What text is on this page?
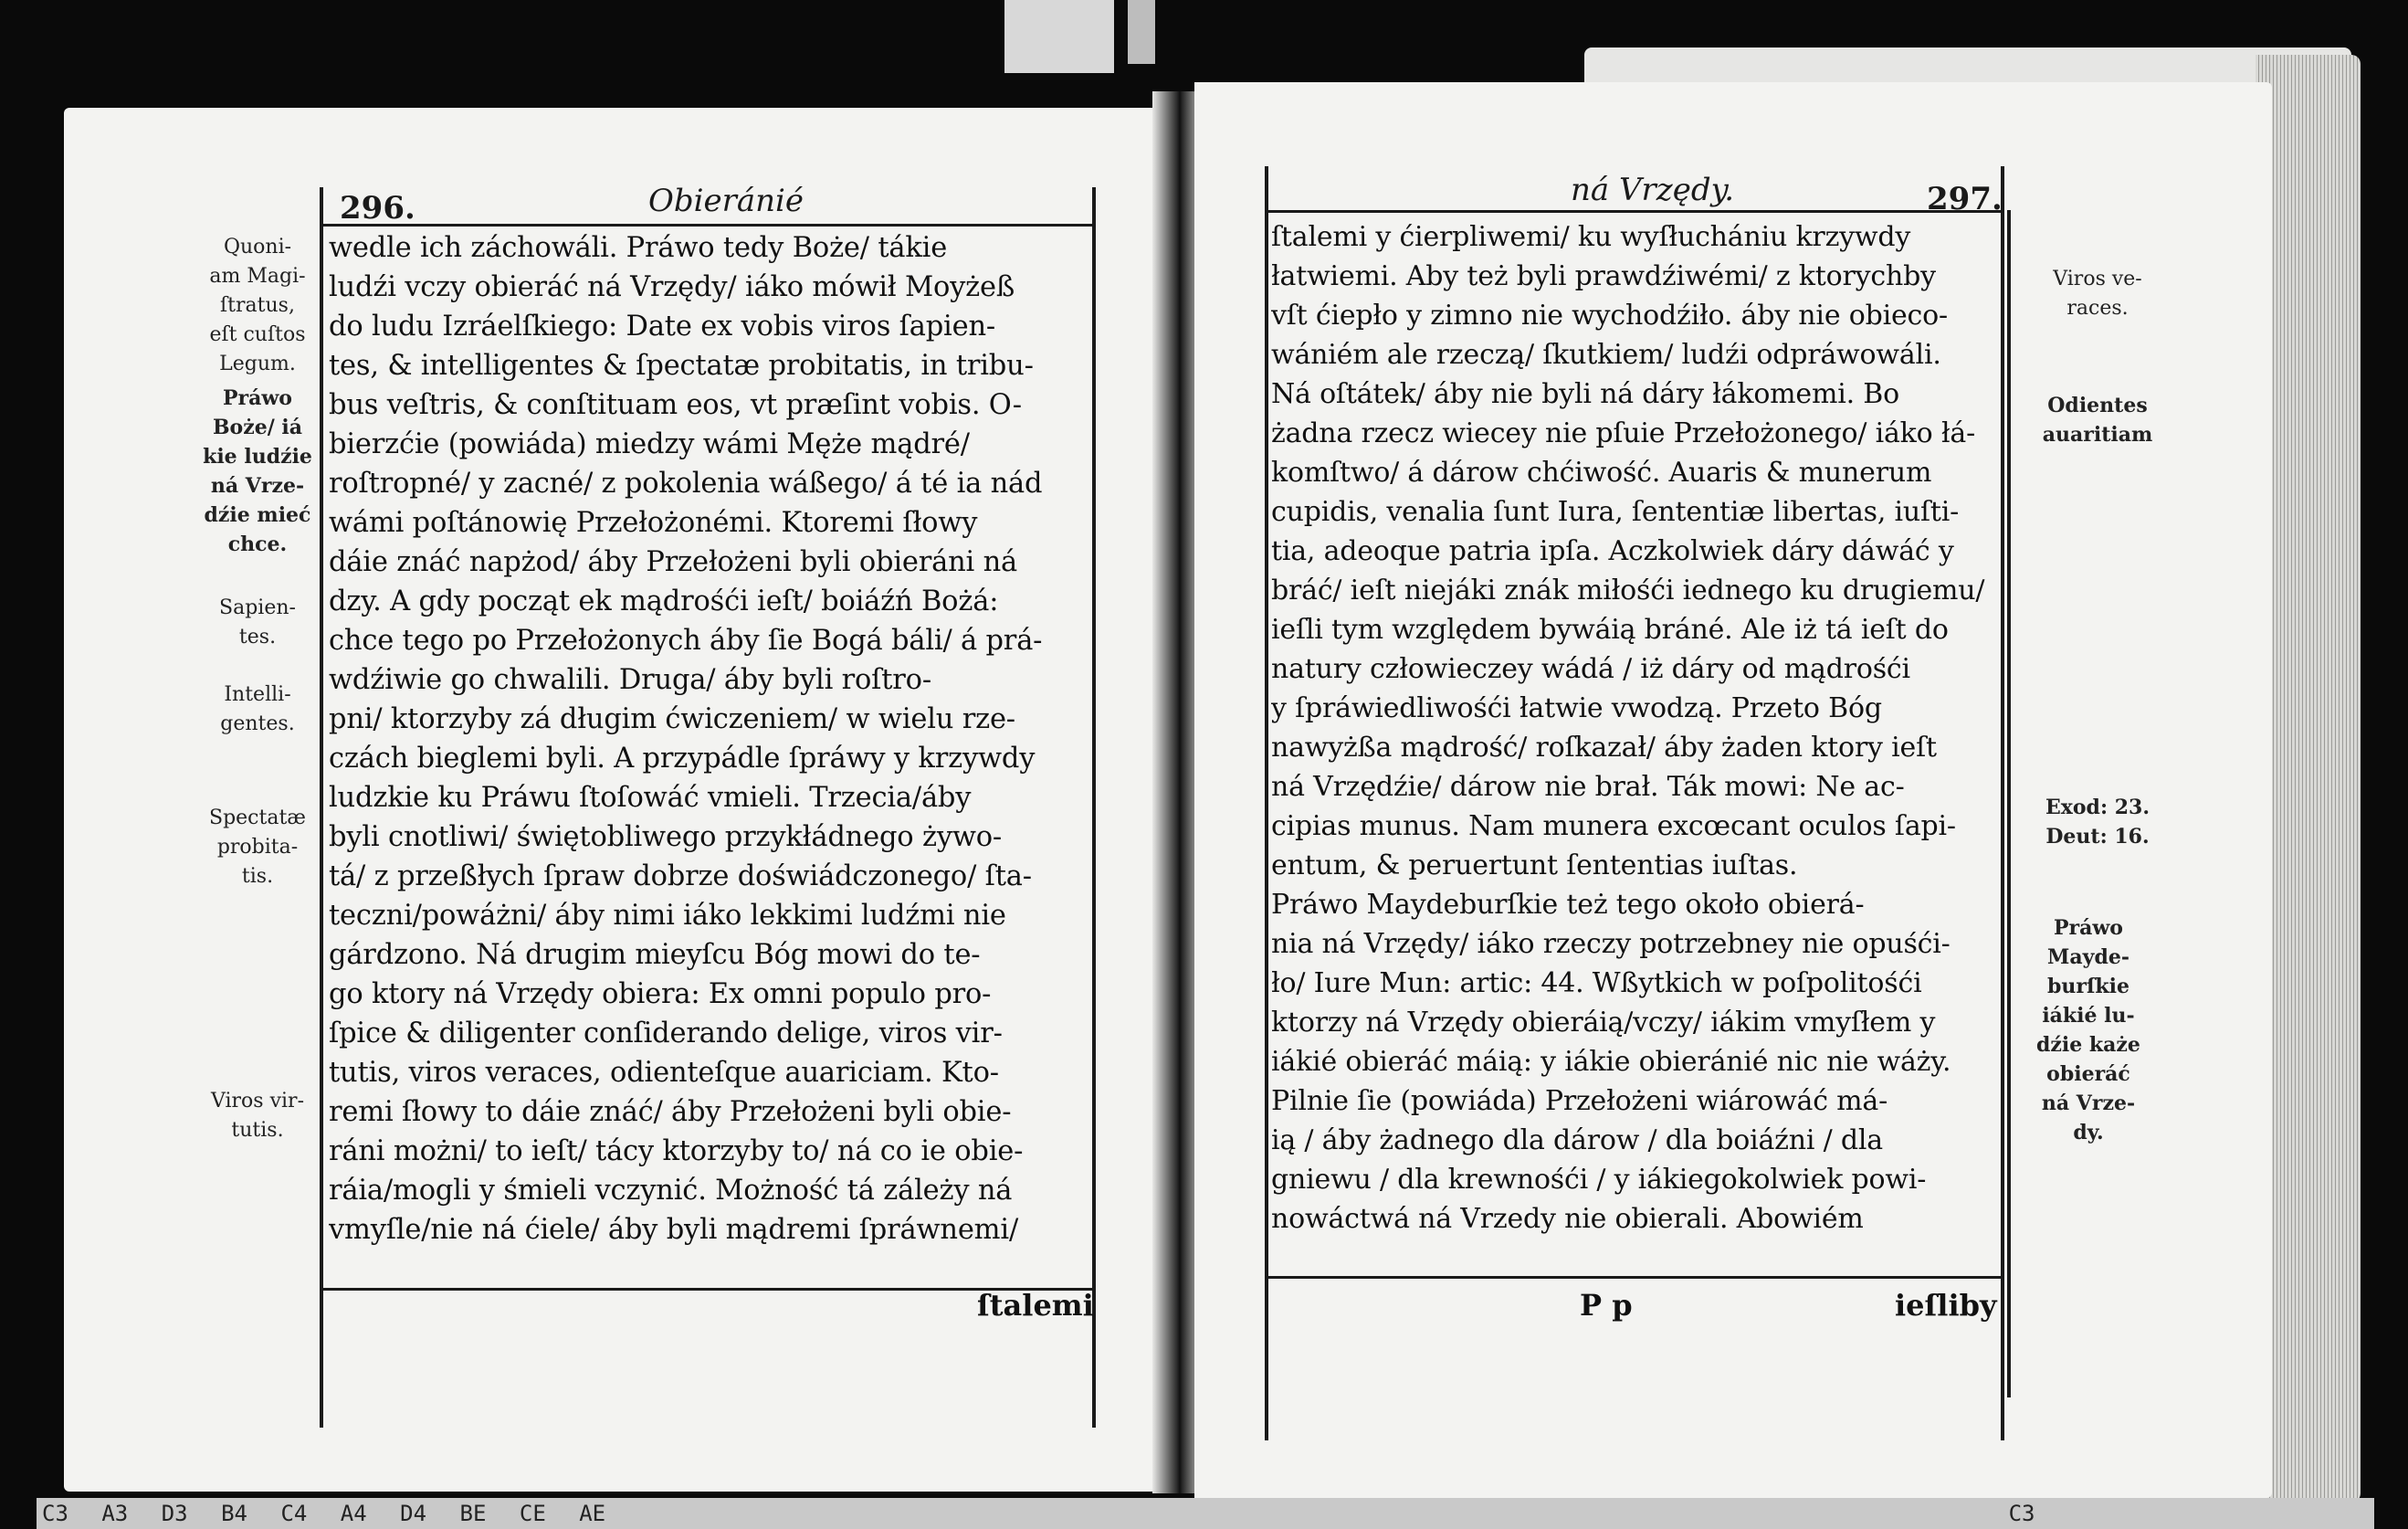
296.	Obieránié
wedle ich záchowáli. Práwo tedy Boże/ tákie
ludźi vczy obieráć ná Vrzędy/ iáko mówił Moyżeß
do ludu Izráelſkiego: Date ex vobis viros ſapien-
tes, & intelligentes & ſpectatæ probitatis, in tribu-
bus veſtris, & conſtituam eos, vt præſint vobis. O-
bierzćie (powiáda) miedzy wámi Męże mądré/
roſtropné/ y zacné/ z pokolenia wáßego/ á té ia nád
wámi poſtánowię Przełożonémi. Ktoremi ſłowy
dáie znáć napżod/ áby Przełożeni byli obieráni ná
dzy. A gdy począt ek mądrośći ieſt/ boiáźń Bożá:
chce tego po Przełożonych áby ſie Bogá báli/ á prá-
wdźiwie go chwalili. Druga/ áby byli roſtro-
pni/ ktorzyby zá długim ćwiczeniem/ w wielu rze-
czách bieglemi byli. A przypádle ſpráwy y krzywdy
ludzkie ku Práwu ſtoſowáć vmieli. Trzecia/áby
byli cnotliwi/ świętobliwego przykłádnego żywo-
tá/ z przeßłych ſpraw dobrze doświádczonego/ ſta-
teczni/powáżni/ áby nimi iáko lekkimi ludźmi nie
gárdzono. Ná drugim mieyſcu Bóg mowi do te-
go ktory ná Vrzędy obiera: Ex omni populo pro-
ſpice & diligenter conſiderando delige, viros vir-
tutis, viros veraces, odienteſque auariciam. Kto-
remi ſłowy to dáie znáć/ áby Przełożeni byli obie-
ráni możni/ to ieſt/ tácy ktorzyby to/ ná co ie obie-
ráia/mogli y śmieli vczynić. Możność tá záleży ná
vmyſle/nie ná ćiele/ áby byli mądremi ſpráwnemi/
ſtalemi
Quoni-
am Magi-
ſtratus,
eſt cuſtos
Legum.
Práwo
Boże/ iá
kie ludźie
ná Vrze-
dźie mieć
chce.
Sapien-
tes.
Intelli-
gentes.
Spectatæ
probita-
tis.
Viros vir-
tutis.
ná Vrzędy.	297.
ſtalemi y ćierpliwemi/ ku wyſłuchániu krzywdy
łatwiemi. Aby też byli prawdźiwémi/ z ktorychby
vſt ćiepło y zimno nie wychodźiło. áby nie obieco-
wániém ale rzeczą/ ſkutkiem/ ludźi odpráwowáli.
Ná oſtátek/ áby nie byli ná dáry łákomemi. Bo
żadna rzecz wiecey nie pſuie Przełożonego/ iáko łá-
komſtwo/ á dárow chćiwość. Auaris & munerum
cupidis, venalia ſunt Iura, ſententiæ libertas, iuſti-
tia, adeoque patria ipſa. Aczkolwiek dáry dáwáć y
bráć/ ieſt niejáki znák miłośći iednego ku drugiemu/
ieſli tym względem bywáią bráné. Ale iż tá ieſt do
natury człowieczey wádá / iż dáry od mądrośći
y ſpráwiedliwośći łatwie vwodzą. Przeto Bóg
nawyżßa mądrość/ roſkazał/ áby żaden ktory ieſt
ná Vrzędźie/ dárow nie brał. Ták mowi: Ne ac-
cipias munus. Nam munera excœcant oculos ſapi-
entum, & peruertunt ſententias iuſtas.
Práwo Maydeburſkie też tego około obierá-
nia ná Vrzędy/ iáko rzeczy potrzebney nie opuśći-
ło/ Iure Mun: artic: 44. Wßytkich w poſpolitośći
ktorzy ná Vrzędy obieráią/vczy/ iákim vmyſłem y
iákié obieráć máią: y iákie obieránié nic nie wáży.
Pilnie ſie (powiáda) Przełożeni wiárowáć má-
ią / áby żadnego dla dárow / dla boiáźni / dla
gniewu / dla krewnośći / y iákiegokolwiek powi-
nowáctwá ná Vrzedy nie obierali. Abowiém
P p	ieſliby
Viros ve-
races.
Odientes
auaritiam
Exod: 23.
Deut: 16.
Práwo
Mayde-
burſkie
iákié lu-
dźie każe
obieráć
ná Vrze-
dy.
C3 A3 D3 B4 C4 A4 D4 BE CE AE	C3
